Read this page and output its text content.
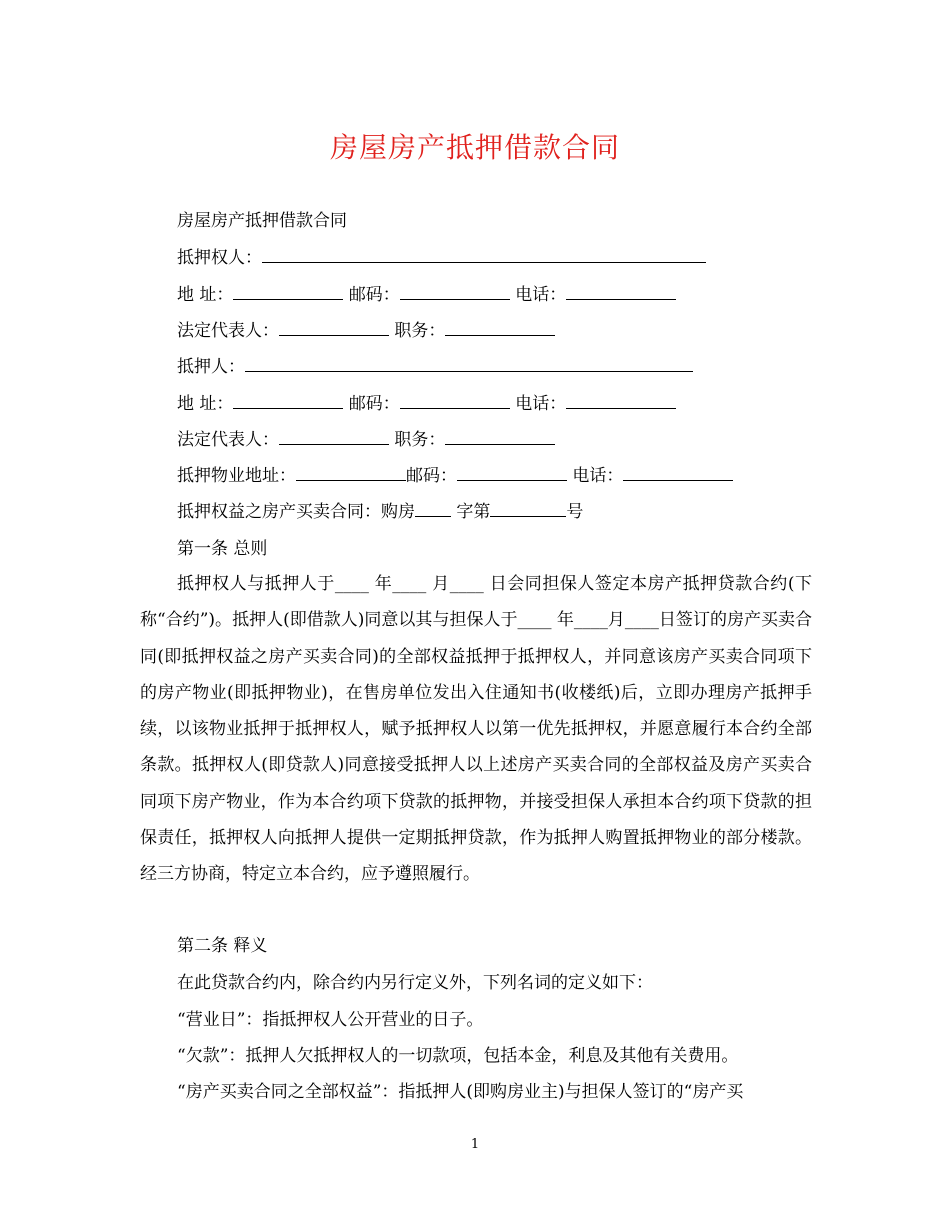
房屋房产抵押借款合同
房屋房产抵押借款合同
抵押权人：
地 址：	邮码：	电话：
法定代表人：	职务：
抵押人：
地 址：	邮码：	电话：
法定代表人：	职务：
抵押物业地址：	邮码：	电话：
抵押权益之房产买卖合同：购房 字第	号
第一条 总则
抵押权人与抵押人于____ 年____ 月____ 日会同担保人签定本房产抵押贷款合约(下称“合约”)。抵押人(即借款人)同意以其与担保人于____ 年____月____日签订的房产买卖合同(即抵押权益之房产买卖合同)的全部权益抵押于抵押权人，并同意该房产买卖合同项下的房产物业(即抵押物业)，在售房单位发出入住通知书(收楼纸)后，立即办理房产抵押手续，以该物业抵押于抵押权人，赋予抵押权人以第一优先抵押权，并愿意履行本合约全部条款。抵押权人(即贷款人)同意接受抵押人以上述房产买卖合同的全部权益及房产买卖合同项下房产物业，作为本合约项下贷款的抵押物，并接受担保人承担本合约项下贷款的担保责任，抵押权人向抵押人提供一定期抵押贷款，作为抵押人购置抵押物业的部分楼款。经三方协商，特定立本合约，应予遵照履行。
第二条 释义
在此贷款合约内，除合约内另行定义外，下列名词的定义如下：
“营业日”：指抵押权人公开营业的日子。
“欠款”：抵押人欠抵押权人的一切款项，包括本金，利息及其他有关费用。
“房产买卖合同之全部权益”：指抵押人(即购房业主)与担保人签订的“房产买
1
